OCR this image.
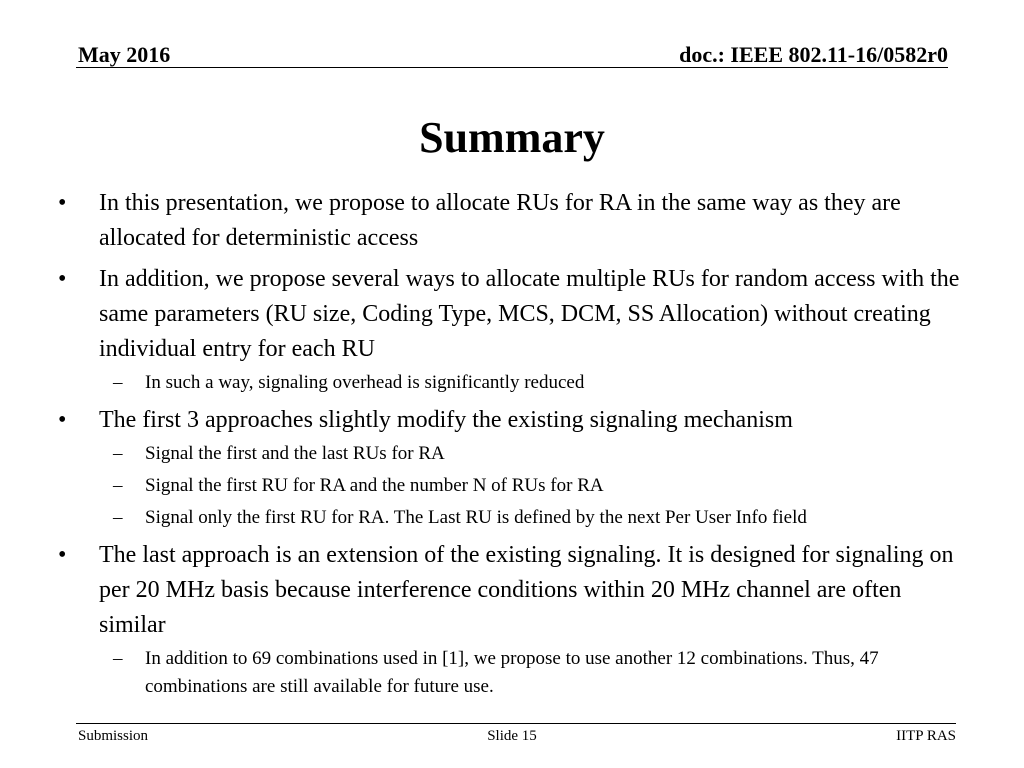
May 2016	doc.: IEEE 802.11-16/0582r0
Summary
• In this presentation, we propose to allocate RUs for RA in the same way as they are allocated for deterministic access
• In addition, we propose several ways to allocate multiple RUs for random access with the same parameters (RU size, Coding Type, MCS, DCM, SS Allocation) without creating individual entry for each RU
– In such a way, signaling overhead is significantly reduced
• The first 3 approaches slightly modify the existing signaling mechanism
– Signal the first and the last RUs for RA
– Signal the first RU for RA and the number N of RUs for RA
– Signal only the first RU for RA. The Last RU is defined by the next Per User Info field
• The last approach is an extension of the existing signaling. It is designed for signaling on per 20 MHz basis because interference conditions within 20 MHz channel are often similar
– In addition to 69 combinations used in [1], we propose to use another 12 combinations. Thus, 47 combinations are still available for future use.
Submission	Slide 15	IITP RAS
